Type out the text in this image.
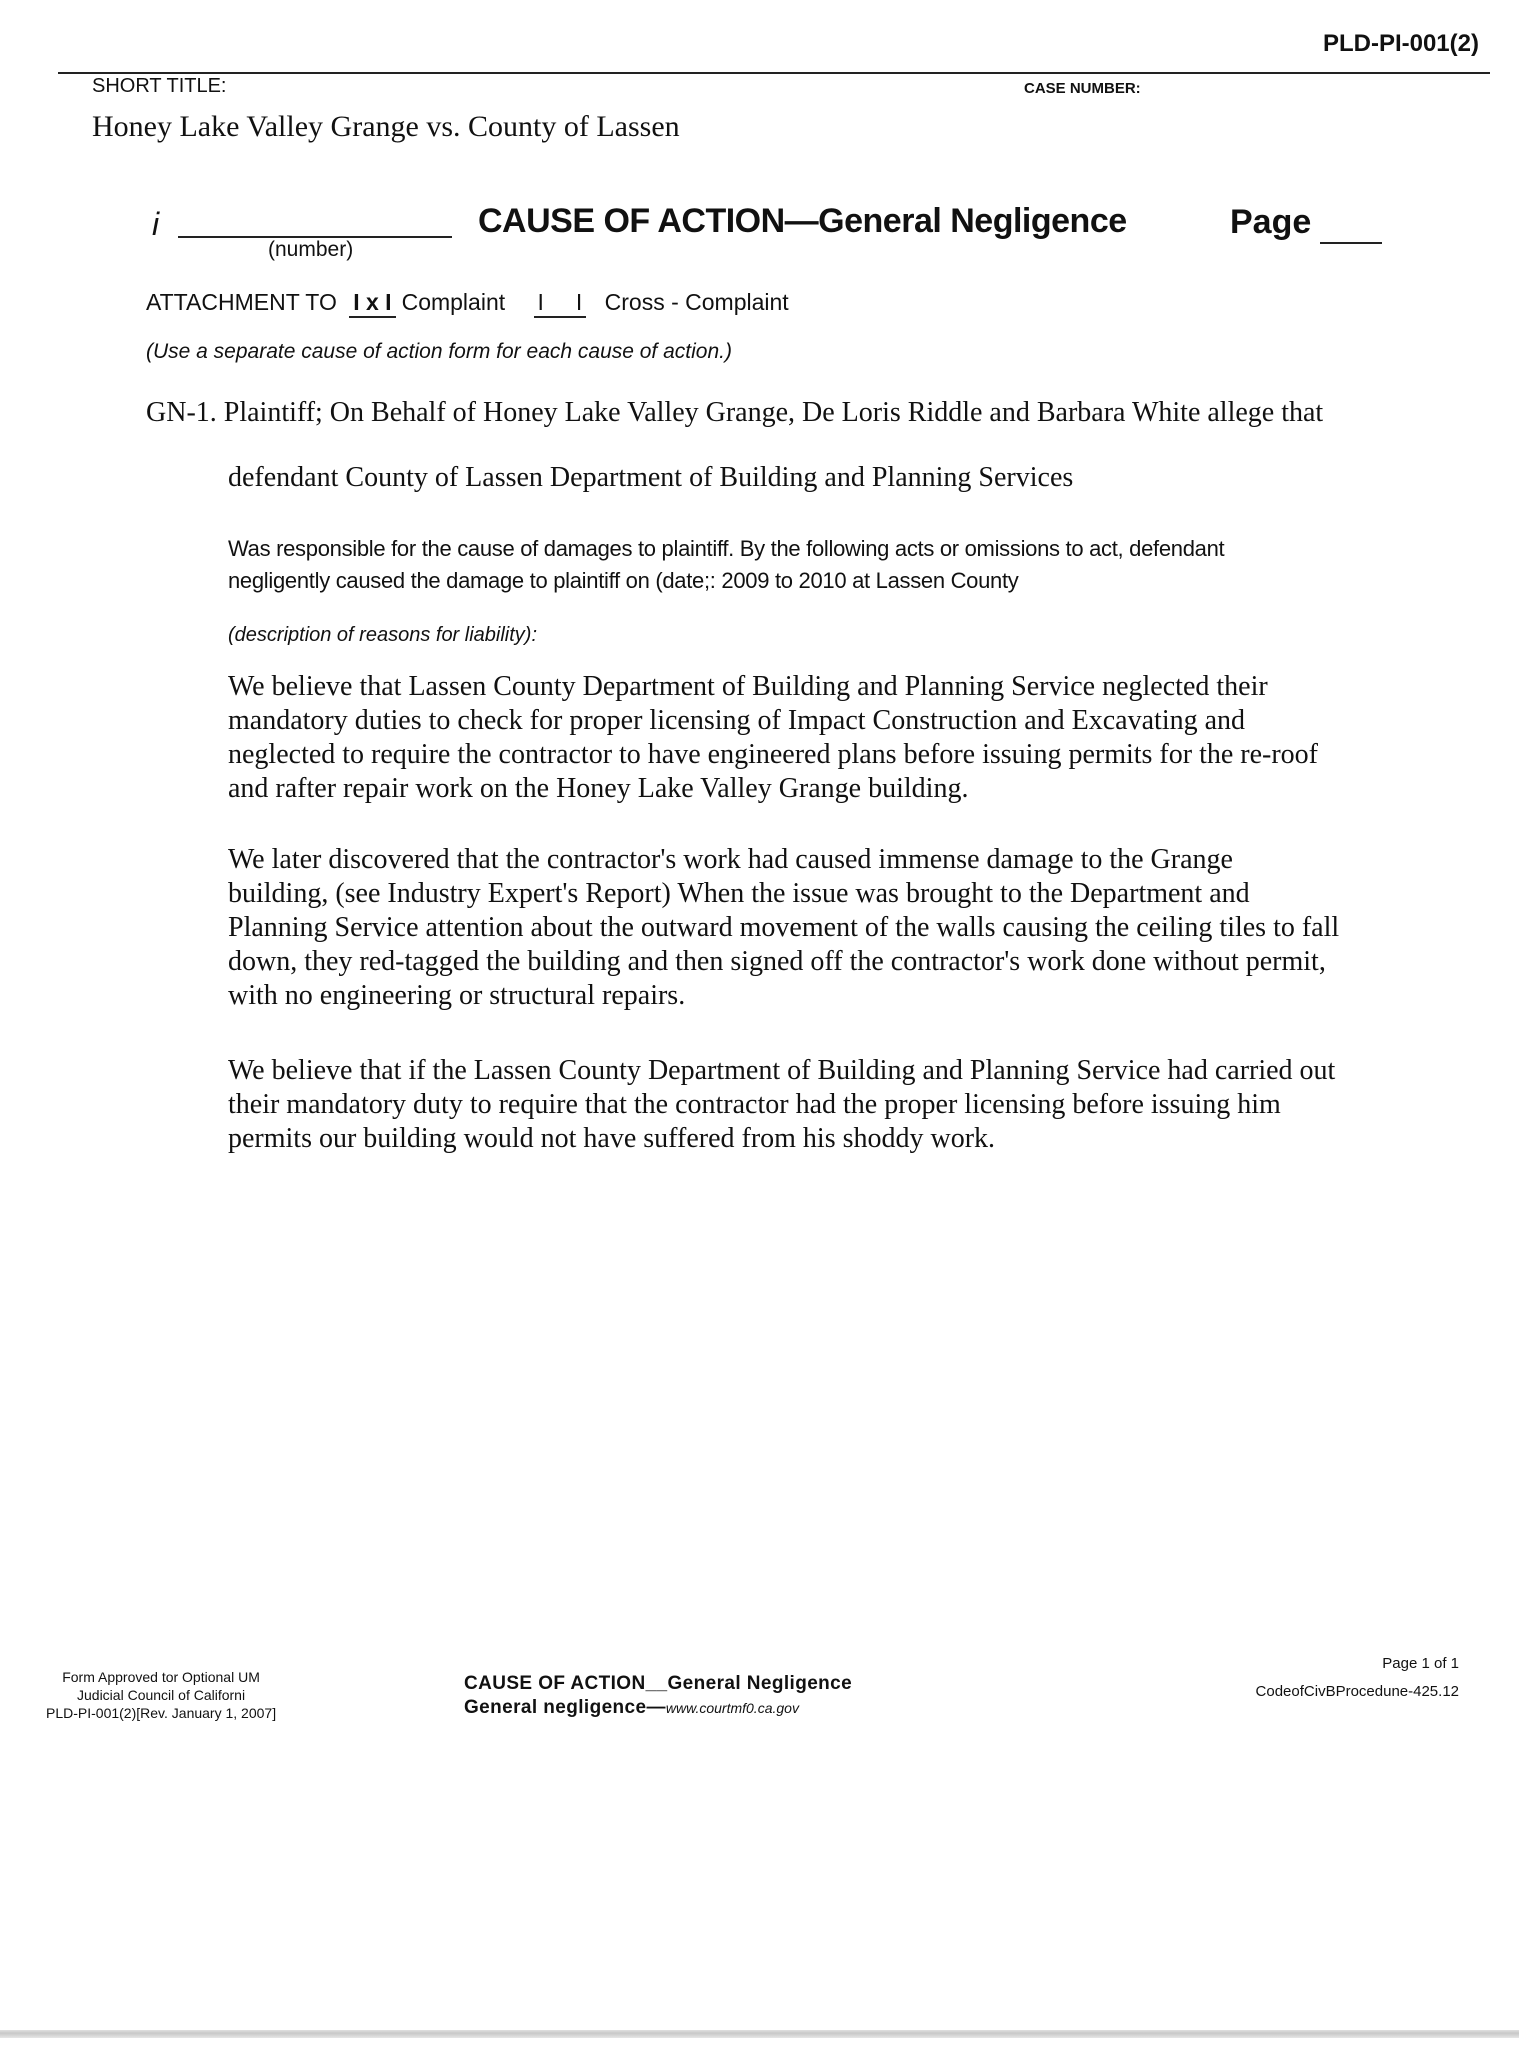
PLD-PI-001(2)
SHORT TITLE:	CASE NUMBER:
Honey Lake Valley Grange vs. County of Lassen
i
(number)
CAUSE OF ACTION—General Negligence	Page
ATTACHMENT TO I x I Complaint I     I Cross - Complaint
(Use a separate cause of action form for each cause of action.)
GN-1. Plaintiff; On Behalf of Honey Lake Valley Grange, De Loris Riddle and Barbara White allege that
defendant County of Lassen Department of Building and Planning Services
Was responsible for the cause of damages to plaintiff. By the following acts or omissions to act, defendant
negligently caused the damage to plaintiff on (date;: 2009 to 2010 at Lassen County
(description of reasons for liability):
We believe that Lassen County Department of Building and Planning Service neglected their
mandatory duties to check for proper licensing of Impact Construction and Excavating and
neglected to require the contractor to have engineered plans before issuing permits for the re-roof
and rafter repair work on the Honey Lake Valley Grange building.
We later discovered that the contractor's work had caused immense damage to the Grange
building, (see Industry Expert's Report) When the issue was brought to the Department and
Planning Service attention about the outward movement of the walls causing the ceiling tiles to fall
down, they red-tagged the building and then signed off the contractor's work done without permit,
with no engineering or structural repairs.
We believe that if the Lassen County Department of Building and Planning Service had carried out
their mandatory duty to require that the contractor had the proper licensing before issuing him
permits our building would not have suffered from his shoddy work.
Form Approved tor Optional UM
Judicial Council of Californi
PLD-PI-001(2)[Rev. January 1, 2007]
CAUSE OF ACTION__General Negligence
General negligence—www.courtmf0.ca.gov
Page 1 of 1
CodeofCivBProcedune-425.12
